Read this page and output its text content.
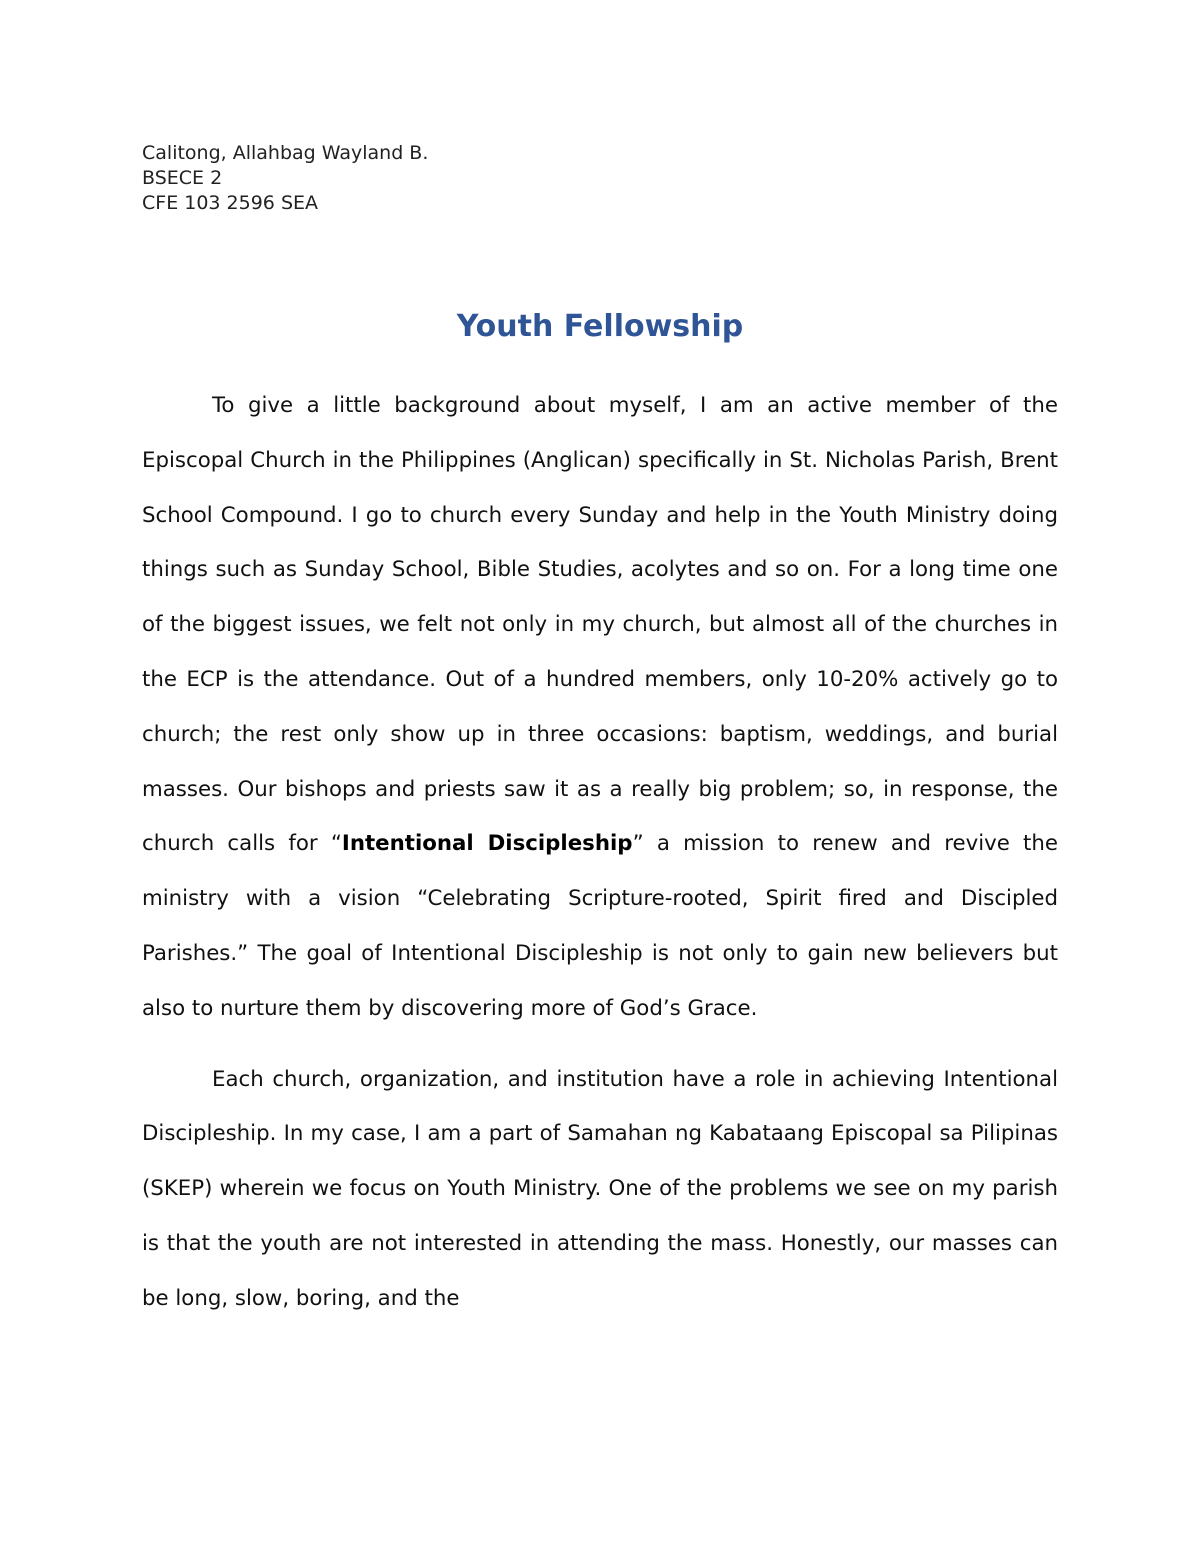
Calitong, Allahbag Wayland B.
BSECE 2
CFE 103 2596 SEA
Youth Fellowship

To give a little background about myself, I am an active member of the Episcopal Church in the Philippines (Anglican) specifically in St. Nicholas Parish, Brent School Compound. I go to church every Sunday and help in the Youth Ministry doing things such as Sunday School, Bible Studies, acolytes and so on. For a long time one of the biggest issues, we felt not only in my church, but almost all of the churches in the ECP is the attendance. Out of a hundred members, only 10-20% actively go to church; the rest only show up in three occasions: baptism, weddings, and burial masses. Our bishops and priests saw it as a really big problem; so, in response, the church calls for “Intentional Discipleship” a mission to renew and revive the ministry with a vision “Celebrating Scripture-rooted, Spirit fired and Discipled Parishes.” The goal of Intentional Discipleship is not only to gain new believers but also to nurture them by discovering more of God’s Grace.

Each church, organization, and institution have a role in achieving Intentional Discipleship. In my case, I am a part of Samahan ng Kabataang Episcopal sa Pilipinas (SKEP) wherein we focus on Youth Ministry. One of the problems we see on my parish is that the youth are not interested in attending the mass. Honestly, our masses can be long, slow, boring, and the
